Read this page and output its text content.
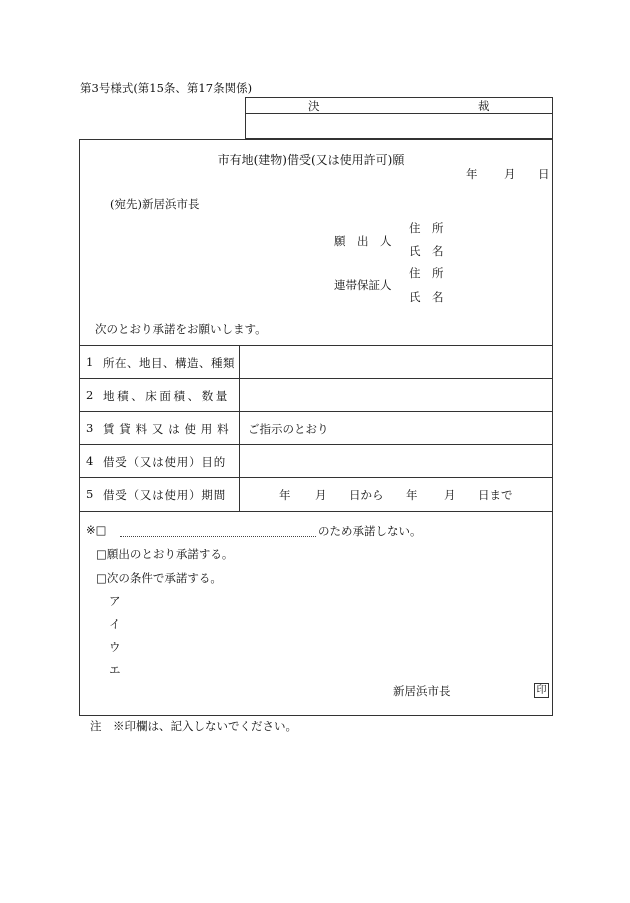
第3号様式(第15条、第17条関係)
決	裁
市有地(建物)借受(又は使用許可)願
年 月 日
(宛先)新居浜市長
願　出　人
住　所
氏　名
連帯保証人
住　所
氏　名
次のとおり承諾をお願いします。
1 所在、地目、構造、種類
2 地積、床面積、数量
3 賃貸料又は使用料 ご指示のとおり
4 借受（又は使用）目的
5 借受（又は使用）期間	年 月 日から 年 月 日まで
※□	のため承諾しない。
□願出のとおり承諾する。
□次の条件で承諾する。
ア
イ
ウ
エ
新居浜市長	印
注　※印欄は、記入しないでください。
